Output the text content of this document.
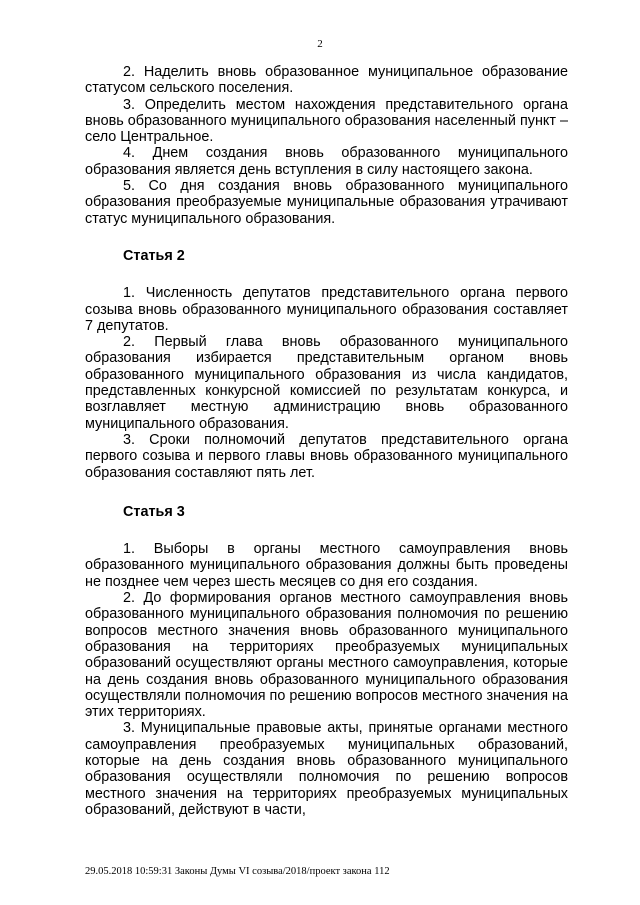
2

2. Наделить вновь образованное муниципальное образование статусом сельского поселения.

3. Определить местом нахождения представительного органа вновь образованного муниципального образования населенный пункт – село Центральное.

4. Днем создания вновь образованного муниципального образования является день вступления в силу настоящего закона.

5. Со дня создания вновь образованного муниципального образования преобразуемые муниципальные образования утрачивают статус муниципального образования.

Статья 2

1. Численность депутатов представительного органа первого созыва вновь образованного муниципального образования составляет 7 депутатов.

2. Первый глава вновь образованного муниципального образования избирается представительным органом вновь образованного муниципального образования из числа кандидатов, представленных конкурсной комиссией по результатам конкурса, и возглавляет местную администрацию вновь образованного муниципального образования.

3. Сроки полномочий депутатов представительного органа первого созыва и первого главы вновь образованного муниципального образования составляют пять лет.

Статья 3

1. Выборы в органы местного самоуправления вновь образованного муниципального образования должны быть проведены не позднее чем через шесть месяцев со дня его создания.

2. До формирования органов местного самоуправления вновь образованного муниципального образования полномочия по решению вопросов местного значения вновь образованного муниципального образования на территориях преобразуемых муниципальных образований осуществляют органы местного самоуправления, которые на день создания вновь образованного муниципального образования осуществляли полномочия по решению вопросов местного значения на этих территориях.

3. Муниципальные правовые акты, принятые органами местного самоуправления преобразуемых муниципальных образований, которые на день создания вновь образованного муниципального образования осуществляли полномочия по решению вопросов местного значения на территориях преобразуемых муниципальных образований, действуют в части,

29.05.2018 10:59:31 Законы Думы VI созыва/2018/проект закона 112
